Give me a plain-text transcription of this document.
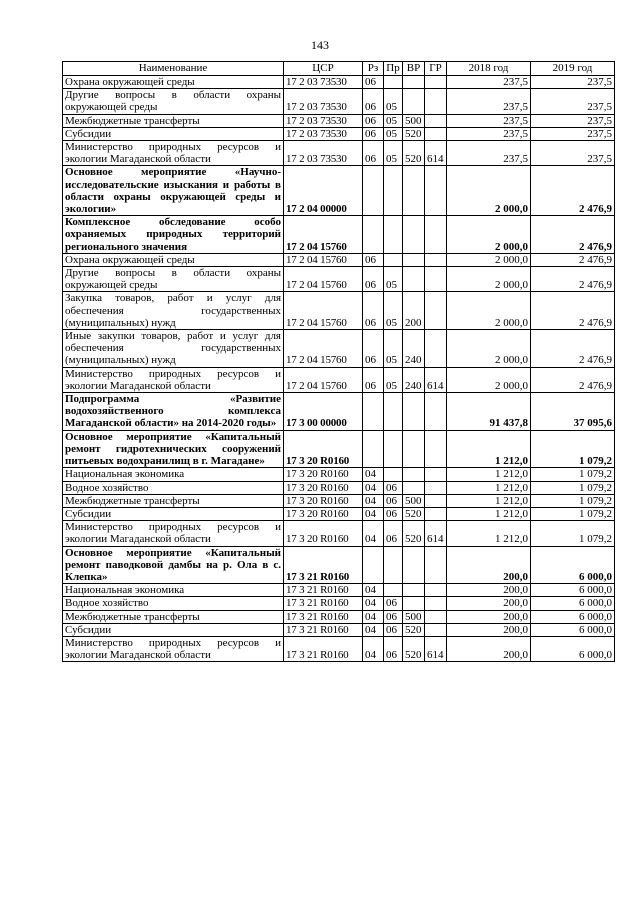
143
Наименование	ЦСР	Рз	Пр	ВР	ГР	2018 год	2019 год
Охрана окружающей среды	17 2 03 73530	06				237,5	237,5
Другие вопросы в области охраны окружающей среды	17 2 03 73530	06	05			237,5	237,5
Межбюджетные трансферты	17 2 03 73530	06	05	500		237,5	237,5
Субсидии	17 2 03 73530	06	05	520		237,5	237,5
Министерство природных ресурсов и экологии Магаданской области	17 2 03 73530	06	05	520	614	237,5	237,5
Основное мероприятие «Научно-исследовательские изыскания и работы в области охраны окружающей среды и экологии»	17 2 04 00000					2 000,0	2 476,9
Комплексное обследование особо охраняемых природных территорий регионального значения	17 2 04 15760					2 000,0	2 476,9
Охрана окружающей среды	17 2 04 15760	06				2 000,0	2 476,9
Другие вопросы в области охраны окружающей среды	17 2 04 15760	06	05			2 000,0	2 476,9
Закупка товаров, работ и услуг для обеспечения государственных (муниципальных) нужд	17 2 04 15760	06	05	200		2 000,0	2 476,9
Иные закупки товаров, работ и услуг для обеспечения государственных (муниципальных) нужд	17 2 04 15760	06	05	240		2 000,0	2 476,9
Министерство природных ресурсов и экологии Магаданской области	17 2 04 15760	06	05	240	614	2 000,0	2 476,9
Подпрограмма «Развитие водохозяйственного комплекса Магаданской области» на 2014-2020 годы»	17 3 00 00000					91 437,8	37 095,6
Основное мероприятие «Капитальный ремонт гидротехнических сооружений питьевых водохранилищ в г. Магадане»	17 3 20 R0160					1 212,0	1 079,2
Национальная экономика	17 3 20 R0160	04				1 212,0	1 079,2
Водное хозяйство	17 3 20 R0160	04	06			1 212,0	1 079,2
Межбюджетные трансферты	17 3 20 R0160	04	06	500		1 212,0	1 079,2
Субсидии	17 3 20 R0160	04	06	520		1 212,0	1 079,2
Министерство природных ресурсов и экологии Магаданской области	17 3 20 R0160	04	06	520	614	1 212,0	1 079,2
Основное мероприятие «Капитальный ремонт паводковой дамбы на р. Ола в с. Клепка»	17 3 21 R0160					200,0	6 000,0
Национальная экономика	17 3 21 R0160	04				200,0	6 000,0
Водное хозяйство	17 3 21 R0160	04	06			200,0	6 000,0
Межбюджетные трансферты	17 3 21 R0160	04	06	500		200,0	6 000,0
Субсидии	17 3 21 R0160	04	06	520		200,0	6 000,0
Министерство природных ресурсов и экологии Магаданской области	17 3 21 R0160	04	06	520	614	200,0	6 000,0
